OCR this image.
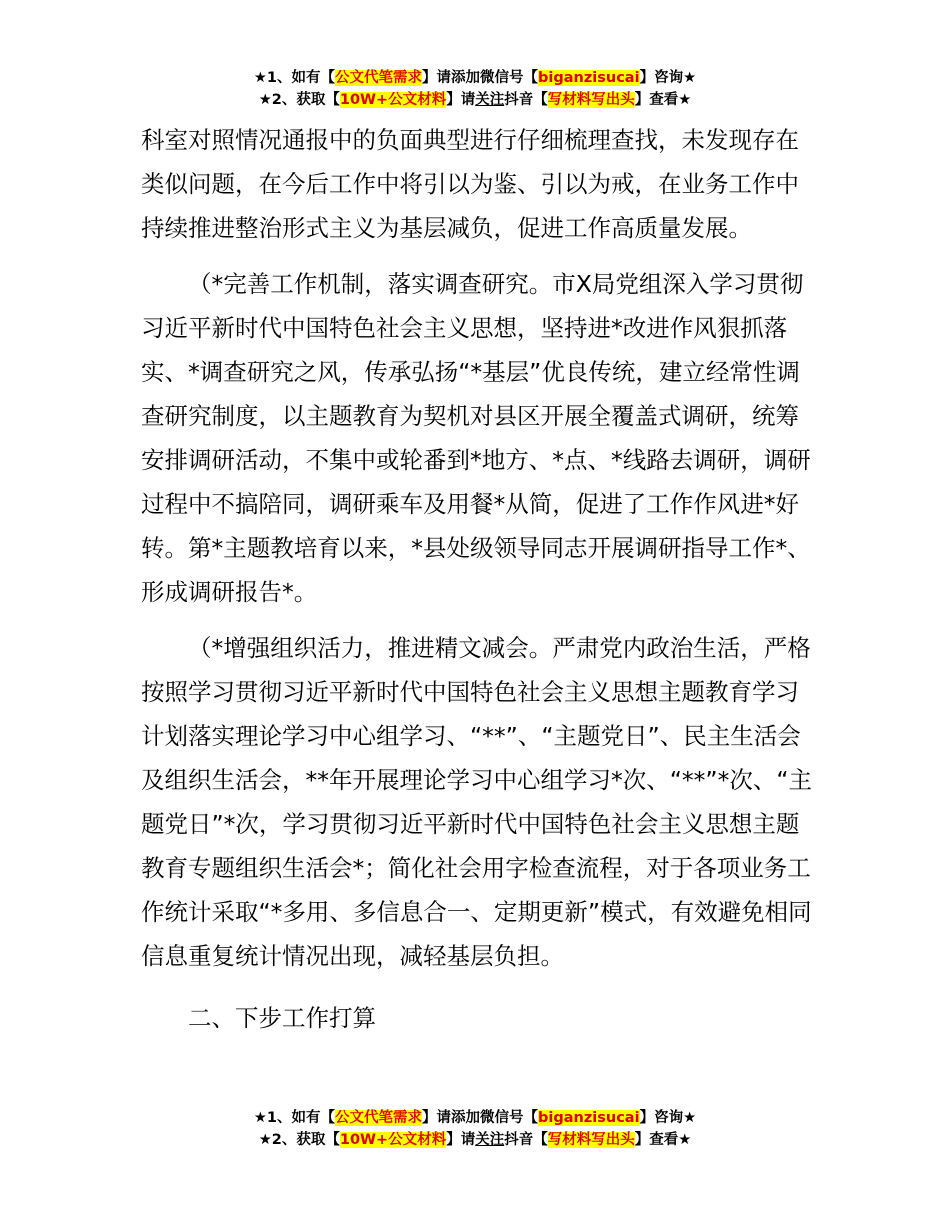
★1、如有【公文代笔需求】请添加微信号【biganzisucai】咨询★
★2、获取【10W+公文材料】请关注抖音【写材料写出头】查看★

科室对照情况通报中的负面典型进行仔细梳理查找，未发现存在类似问题，在今后工作中将引以为鉴、引以为戒，在业务工作中持续推进整治形式主义为基层减负，促进工作高质量发展。

（*完善工作机制，落实调查研究。市X局党组深入学习贯彻习近平新时代中国特色社会主义思想，坚持进*改进作风狠抓落实、*调查研究之风，传承弘扬“*基层”优良传统，建立经常性调查研究制度，以主题教育为契机对县区开展全覆盖式调研，统筹安排调研活动，不集中或轮番到*地方、*点、*线路去调研，调研过程中不搞陪同，调研乘车及用餐*从简，促进了工作作风进*好转。第*主题教培育以来，*县处级领导同志开展调研指导工作*、形成调研报告*。

（*增强组织活力，推进精文减会。严肃党内政治生活，严格按照学习贯彻习近平新时代中国特色社会主义思想主题教育学习计划落实理论学习中心组学习、“**”、“主题党日”、民主生活会及组织生活会，**年开展理论学习中心组学习*次、“**”*次、“主题党日”*次，学习贯彻习近平新时代中国特色社会主义思想主题教育专题组织生活会*；简化社会用字检查流程，对于各项业务工作统计采取“*多用、多信息合一、定期更新”模式，有效避免相同信息重复统计情况出现，减轻基层负担。

二、下步工作打算

★1、如有【公文代笔需求】请添加微信号【biganzisucai】咨询★
★2、获取【10W+公文材料】请关注抖音【写材料写出头】查看★
